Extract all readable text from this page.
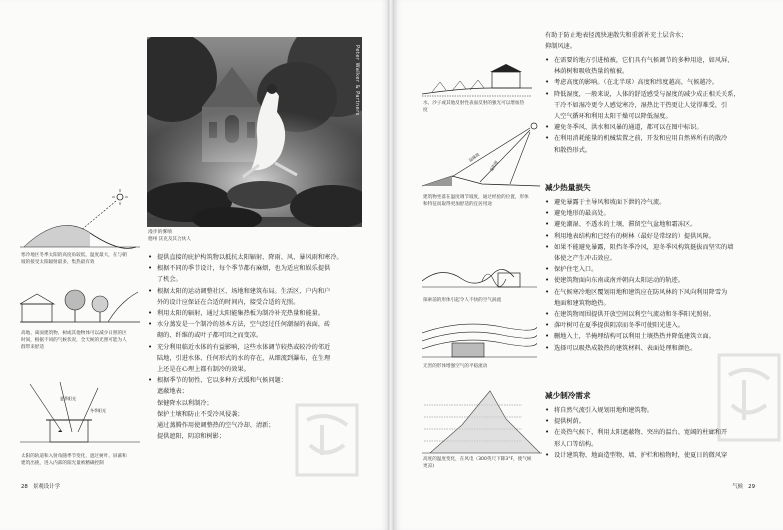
Peter Walker & Partners
漫步的雾喷
德州 沃克及其合伙人
寒冷地区冬季太阳的高度角较低，温度最大，在与朝坡的接受太阳辐射最多，集热最有效
高地、离面建筑物、树或其他物体可以减少日照的区时间，根据不同的气候状况，全天候的光照可能为人群带来舒适
冬季阳光
夏季阳光
太阳的轨道和入射角随季节变化，遮过树叶、屏幕和建筑出挑，进入内部的阳光量被精确控制
• 提供直接的庇护构筑物以抵抗太阳辐射、降雨、风、暴风雨和寒冷。
• 根据不同的季节设计，每个季节都有麻烦，也为适应和娱乐提供
了机会。
• 根据太阳的运动调整社区、场地和建筑布局。生活区、户内和户
外的设计应保证在合适的时间内，接受合适的光照。
• 利用太阳的辐射，通过太阳能集热板为制冷补充热量和能量。
• 水分蒸发是一个制冷的基本方法，空气经过任何潮湿的表面，砖
砌的、纤维的或叶子都可因之而变凉。
• 充分利用临近水体的有益影响，这些水体调节较热或较冷的邻近
陆地，引进水体、任何形式的水的存在，从细流到瀑布，在生理
上还是在心理上都有制冷的效果。
• 根据季节的韧性、它以多种方式缓和气候问题：
遮蔽地表；
保健降水以利制冷；
保护土壤和防止不受冷风侵袭；
通过蒸腾作用使调整热的空气冷却、清新；
提供遮阳，阴凉和树影；
28 景观设计学
有助于防止地表径流快速散失和重新补充土层含水；
抑制风速。
• 在需要的地方引进植被，它们具有气候调节的多种用途，如风屏、
林荫树和吸收热量的植被。
• 考虑高度的影响。（在北半球）高度和纬度越高，气候越冷。
• 降低湿度，一般来说，人体的舒适感受与湿度的减少成正相关关系，
干冷不如湿冷更令人感觉寒冷，湿热比干热更让人觉得难受，引
人空气循环和利用太阳干燥可以降低湿度。
• 避免冬季风、洪水和风暴的通道，都可以在图中标识。
• 在利用消耗能量的机械装置之前，开发和应用自然界所有的散冷
和散热形式。
减少热量损失
• 避免暴露于主导风和坡面下泄的冷气流。
• 避免地形的最高处。
• 避免潮湿、不透水的土壤，滞留空气盆地和霜冻区。
• 利用地表结构和已经有的树林（最好是常绿的）提供风障。
• 如果不能避免暴露，阻挡冬季冷风，迎冬季风构筑挺拔而坚实的墙
体使之产生冲击效应。
• 保护住宅入口。
• 使建筑物面向东南或南并朝向太阳运动的轨迹。
• 在气候寒冷地区覆划用地和建筑应在防风林的下风向利用降雪为
地面和建筑物绝热。
• 在建筑物周围提供开放空间以利空气流动和冬季阳光照射。
• 落叶树可在夏季提供阴凉而冬季可使阳光进入。
• 删地入土，半掩埋结构可以利用土壤热热并降低建筑立面。
• 选择可以吸热成散热的建筑材料、表面处理和颜色。
减少制冷需求
• 将自然气流引入规划用地和建筑物。
• 提供树荫。
• 在炎热气候下，利用太阳遮蔽物、突出的温台、宽阔的柱廊和开
形人口等结构。
• 设计建筑物、地面造型物、墙、护栏和植物时，使夏日的微风穿
水、沙子或其他反射性表面反射的强光可以增加热度
温暖坡
受阳坡
建筑物坐落在温度调节坡度，通过经验的位置，形体和特征而取得更加舒适的宜居用途
探索前的形体引起令人不快的空气涡流
无害的形体增强空气的平稳流动
高度的温度变化，在风电（300英尺下降3°F，使气候更凉)
气候 29
